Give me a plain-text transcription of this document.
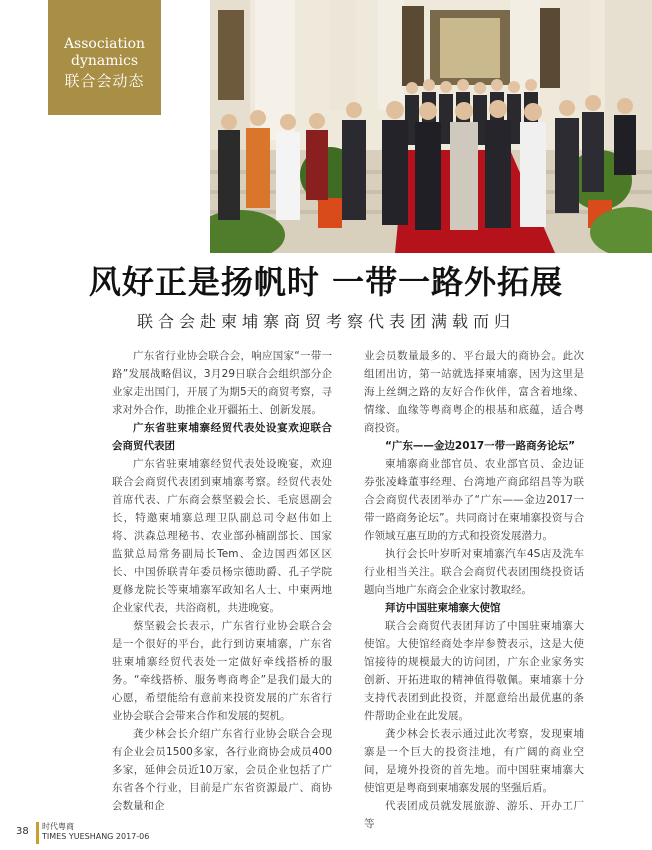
Association dynamics
联合会动态
风好正是扬帆时 一带一路外拓展
联合会赴柬埔寨商贸考察代表团满载而归

广东省行业协会联合会，响应国家“一带一路”发展战略倡议，3月29日联合会组织部分企业家走出国门，开展了为期5天的商贸考察，寻求对外合作，助推企业开疆拓土、创新发展。

广东省驻柬埔寨经贸代表处设宴欢迎联合会商贸代表团

广东省驻柬埔寨经贸代表处设晚宴，欢迎联合会商贸代表团到柬埔寨考察。经贸代表处首席代表、广东商会蔡坚毅会长、毛宸恩副会长，特邀柬埔寨总理卫队副总司令赵伟如上将、洪森总理秘书、农业部孙楠副部长、国家监狱总局常务副局长Tem、金边国西郊区区长、中国侨联青年委员杨宗德助爵、孔子学院夏修龙院长等柬埔寨军政知名人士、中柬两地企业家代表，共浴商机，共进晚宴。

蔡坚毅会长表示，广东省行业协会联合会是一个很好的平台，此行到访柬埔寨，广东省驻柬埔寨经贸代表处一定做好牵线搭桥的服务。“牵线搭桥、服务粤商粤企”是我们最大的心愿，希望能给有意前来投资发展的广东省行业协会联合会带来合作和发展的契机。

龚少林会长介绍广东省行业协会联合会现有企业会员1500多家，各行业商协会成员400多家，延伸会员近10万家，会员企业包括了广东省各个行业，目前是广东省资源最广、商协会数量和企

业会员数量最多的、平台最大的商协会。此次组团出访，第一站就选择柬埔寨，因为这里是海上丝绸之路的友好合作伙伴，富含着地缘、情缘、血缘等粤商粤企的根基和底蕴，适合粤商投资。

“广东——金边2017一带一路商务论坛”

柬埔寨商业部官员、农业部官员、金边证券张凌峰董事经理、台湾地产商邱绍昌等为联合会商贸代表团举办了“广东——金边2017一带一路商务论坛”。共同商讨在柬埔寨投资与合作领域互惠互助的方式和投资发展潜力。

执行会长叶岁昕对柬埔寨汽车4S店及洗车行业相当关注。联合会商贸代表团围绕投资话题向当地广东商会企业家讨教取经。

拜访中国驻柬埔寨大使馆

联合会商贸代表团拜访了中国驻柬埔寨大使馆。大使馆经商处李岸参赞表示，这是大使馆接待的规模最大的访问团，广东企业家务实创新、开拓进取的精神值得敬佩。柬埔寨十分支持代表团到此投资，并愿意给出最优惠的条件帮助企业在此发展。

龚少林会长表示通过此次考察，发现柬埔寨是一个巨大的投资洼地，有广阔的商业空间，是境外投资的首先地。而中国驻柬埔寨大使馆更是粤商到柬埔寨发展的坚强后盾。

代表团成员就发展旅游、游乐、开办工厂等

38 时代粤商
TIMES YUESHANG 2017-06
